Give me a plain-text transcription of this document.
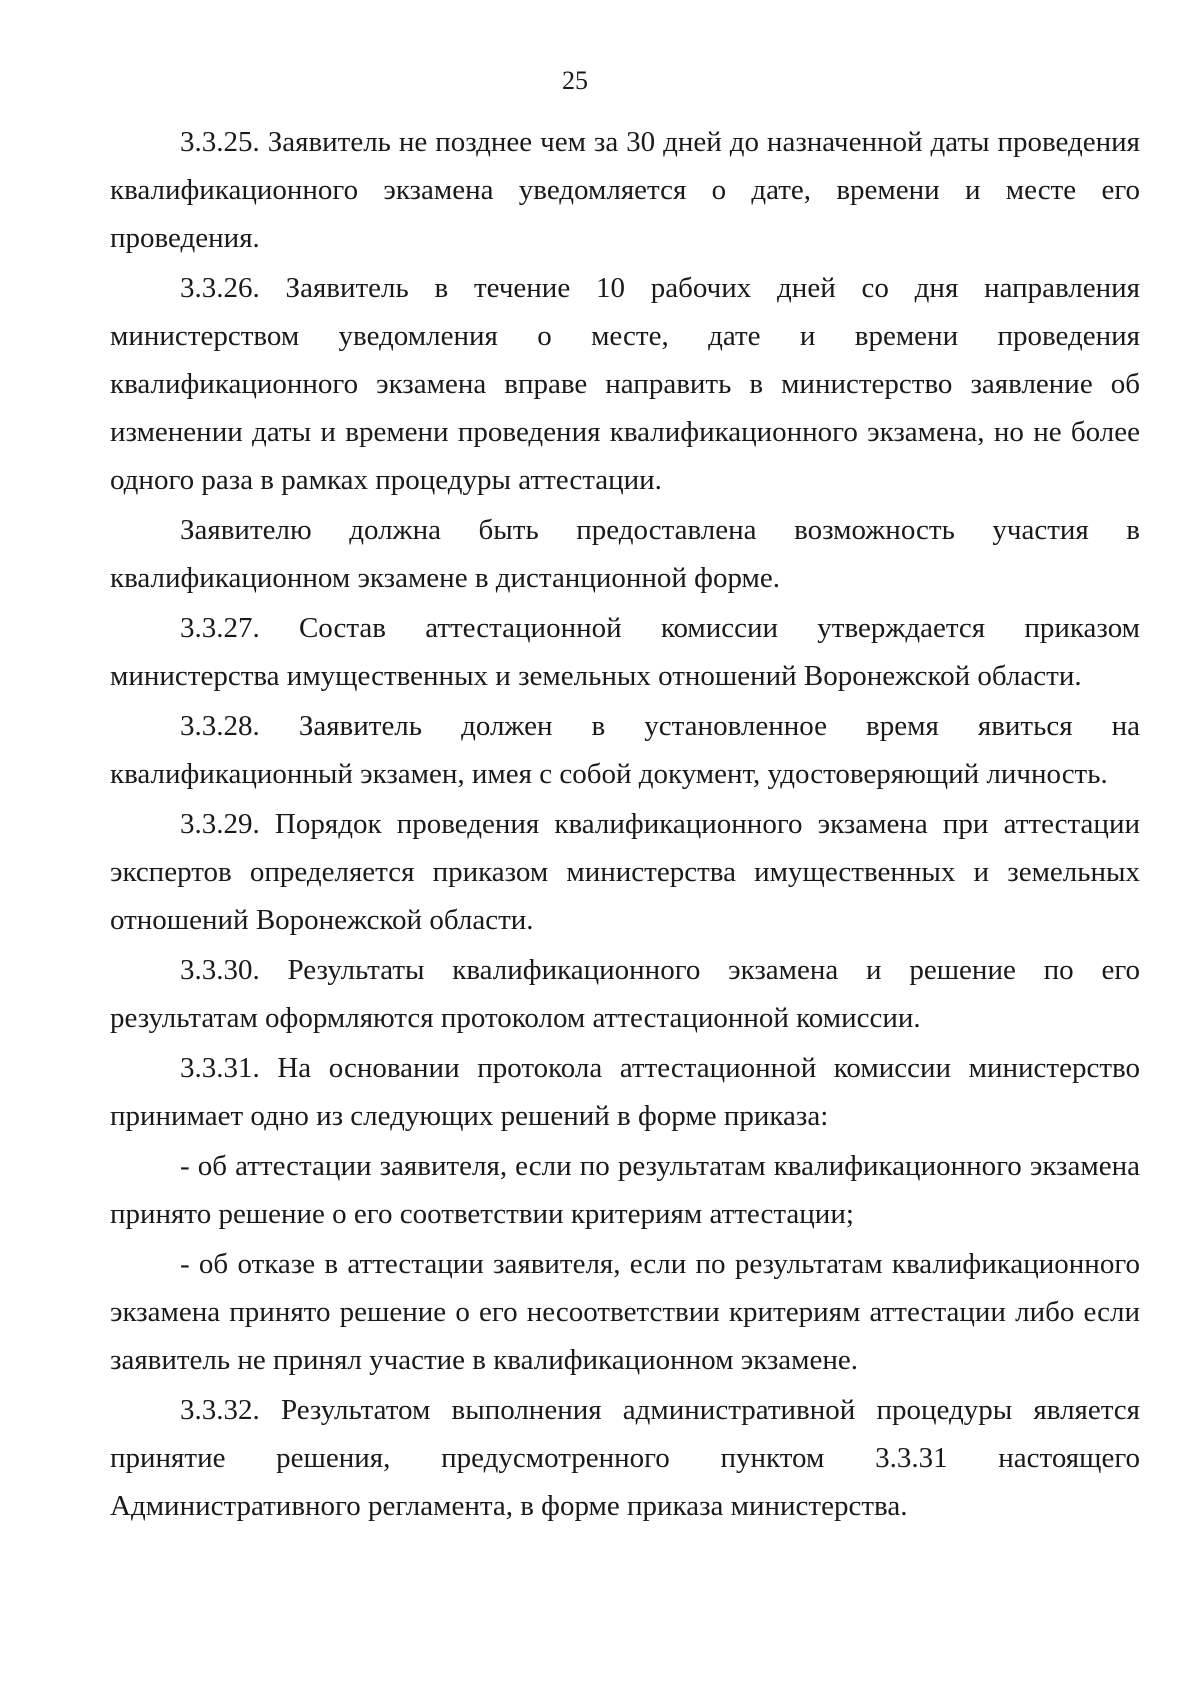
25

3.3.25. Заявитель не позднее чем за 30 дней до назначенной даты проведения квалификационного экзамена уведомляется о дате, времени и месте его проведения.

3.3.26. Заявитель в течение 10 рабочих дней со дня направления министерством уведомления о месте, дате и времени проведения квалификационного экзамена вправе направить в министерство заявление об изменении даты и времени проведения квалификационного экзамена, но не более одного раза в рамках процедуры аттестации.

Заявителю должна быть предоставлена возможность участия в квалификационном экзамене в дистанционной форме.

3.3.27. Состав аттестационной комиссии утверждается приказом министерства имущественных и земельных отношений Воронежской области.

3.3.28. Заявитель должен в установленное время явиться на квалификационный экзамен, имея с собой документ, удостоверяющий личность.

3.3.29. Порядок проведения квалификационного экзамена при аттестации экспертов определяется приказом министерства имущественных и земельных отношений Воронежской области.

3.3.30. Результаты квалификационного экзамена и решение по его результатам оформляются протоколом аттестационной комиссии.

3.3.31. На основании протокола аттестационной комиссии министерство принимает одно из следующих решений в форме приказа:

- об аттестации заявителя, если по результатам квалификационного экзамена принято решение о его соответствии критериям аттестации;

- об отказе в аттестации заявителя, если по результатам квалификационного экзамена принято решение о его несоответствии критериям аттестации либо если заявитель не принял участие в квалификационном экзамене.

3.3.32. Результатом выполнения административной процедуры является принятие решения, предусмотренного пунктом 3.3.31 настоящего Административного регламента, в форме приказа министерства.
